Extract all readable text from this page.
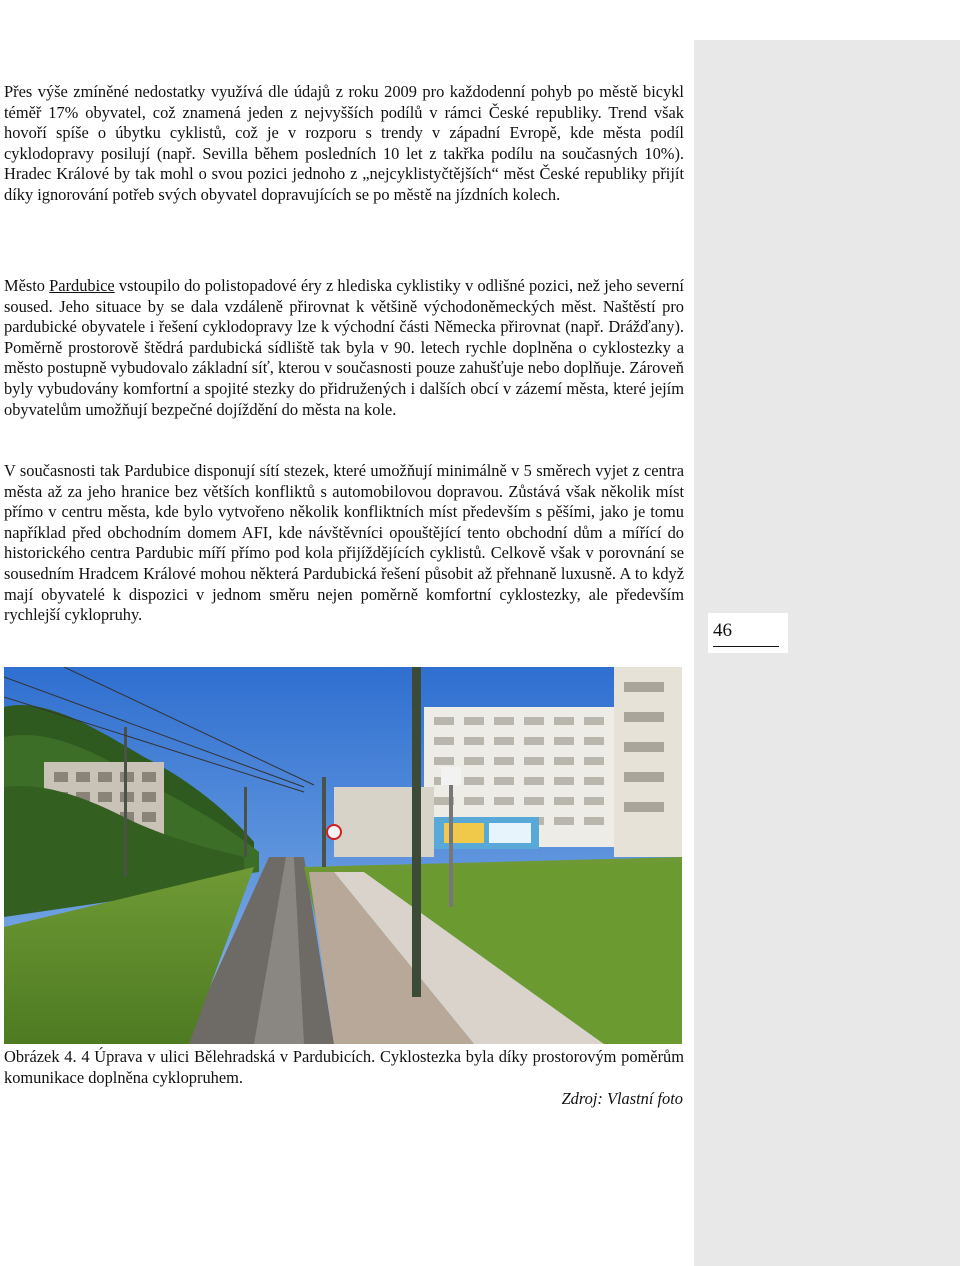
46

Přes výše zmíněné nedostatky využívá dle údajů z roku 2009 pro každodenní pohyb po městě bicykl téměř 17% obyvatel, což znamená jeden z nejvyšších podílů v rámci České republiky. Trend však hovoří spíše o úbytku cyklistů, což je v rozporu s trendy v západní Evropě, kde města podíl cyklodopravy posilují (např. Sevilla během posledních 10 let z takřka podílu na současných 10%). Hradec Králové by tak mohl o svou pozici jednoho z „nejcyklistyčtějších“ měst České republiky přijít díky ignorování potřeb svých obyvatel dopravujících se po městě na jízdních kolech.

Město Pardubice vstoupilo do polistopadové éry z hlediska cyklistiky v odlišné pozici, než jeho severní soused. Jeho situace by se dala vzdáleně přirovnat k většině východoněmeckých měst. Naštěstí pro pardubické obyvatele i řešení cyklodopravy lze k východní části Německa přirovnat (např. Drážďany). Poměrně prostorově štědrá pardubická sídliště tak byla v 90. letech rychle doplněna o cyklostezky a město postupně vybudovalo základní síť, kterou v současnosti pouze zahušťuje nebo doplňuje. Zároveň byly vybudovány komfortní a spojité stezky do přidružených i dalších obcí v zázemí města, které jejím obyvatelům umožňují bezpečné dojíždění do města na kole.

V současnosti tak Pardubice disponují sítí stezek, které umožňují minimálně v 5 směrech vyjet z centra města až za jeho hranice bez větších konfliktů s automobilovou dopravou. Zůstává však několik míst přímo v centru města, kde bylo vytvořeno několik konfliktních míst především s pěšími, jako je tomu například před obchodním domem AFI, kde návštěvníci opouštějící tento obchodní dům a mířící do historického centra Pardubic míří přímo pod kola přijíždějících cyklistů. Celkově však v porovnání se sousedním Hradcem Králové mohou některá Pardubická řešení působit až přehnaně luxusně. A to když mají obyvatelé k dispozici v jednom směru nejen poměrně komfortní cyklostezky, ale především rychlejší cyklopruhy.

Obrázek 4. 4 Úprava v ulici Bělehradská v Pardubicích. Cyklostezka byla díky prostorovým poměrům komunikace doplněna cyklopruhem.
Zdroj: Vlastní foto
